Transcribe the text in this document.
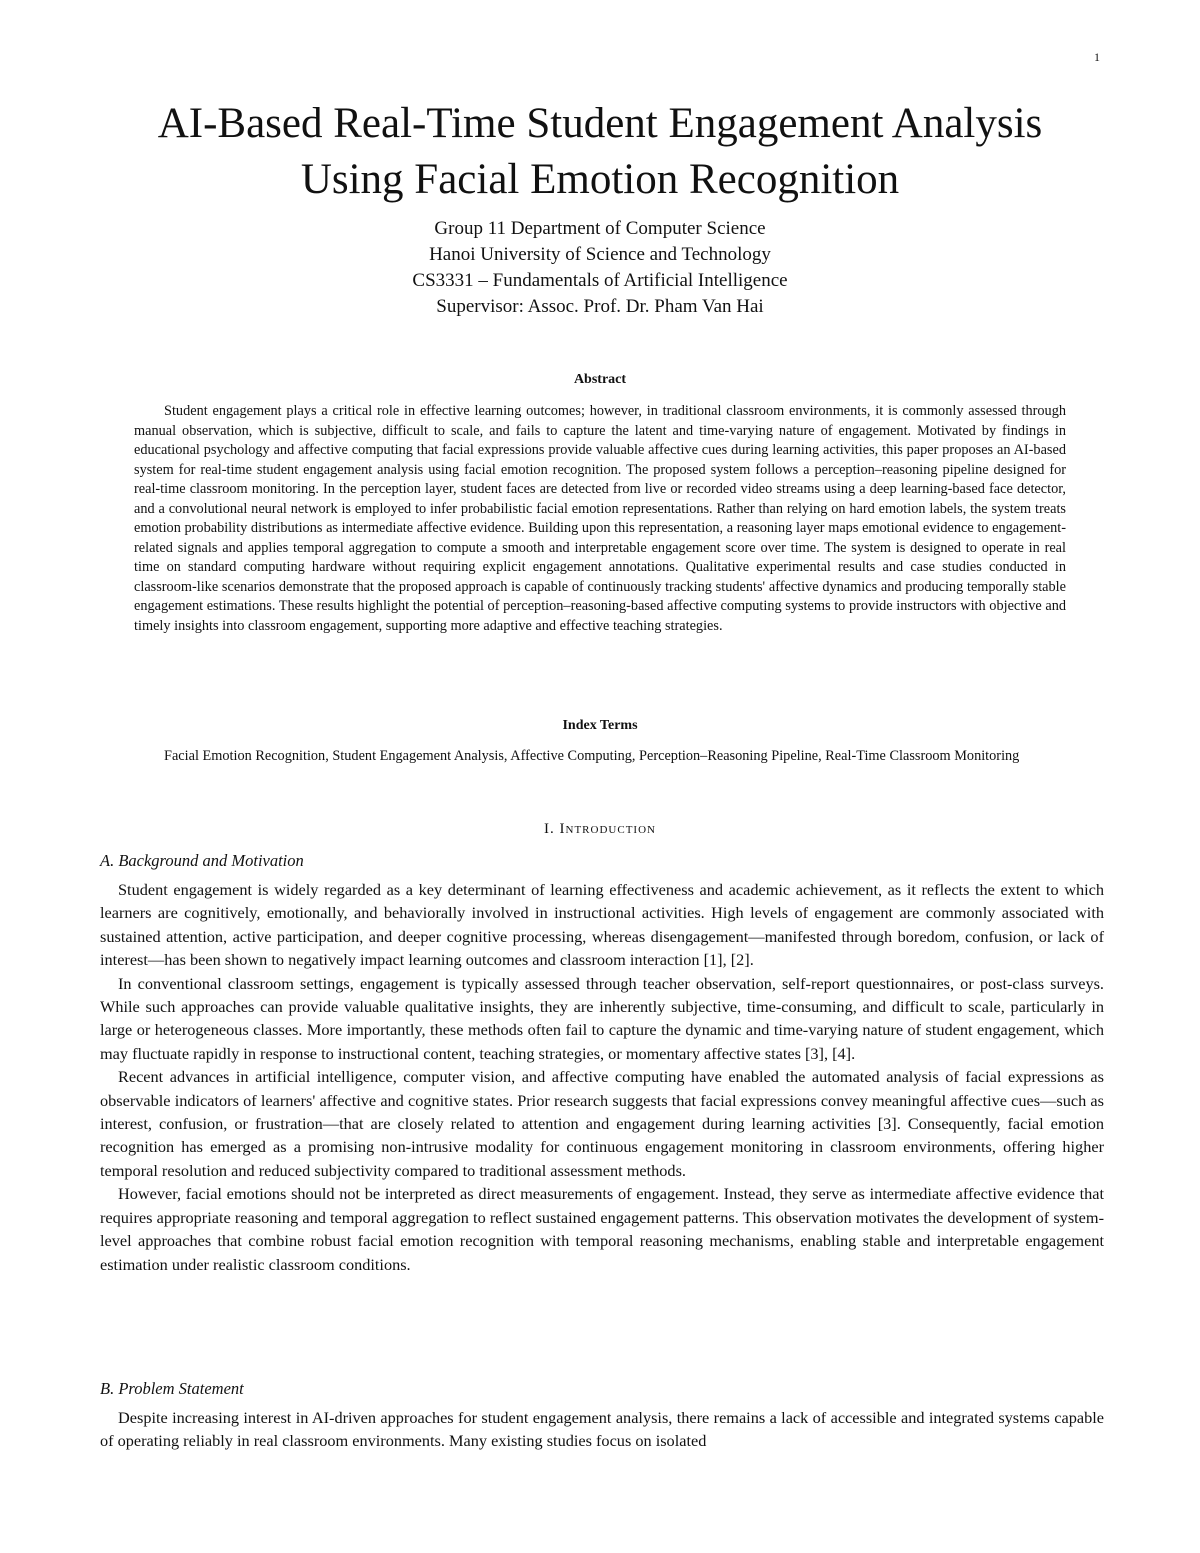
1
AI-Based Real-Time Student Engagement Analysis
Using Facial Emotion Recognition
Group 11 Department of Computer Science
Hanoi University of Science and Technology
CS3331 – Fundamentals of Artificial Intelligence
Supervisor: Assoc. Prof. Dr. Pham Van Hai
Abstract

Student engagement plays a critical role in effective learning outcomes; however, in traditional classroom environments, it is commonly assessed through manual observation, which is subjective, difficult to scale, and fails to capture the latent and time-varying nature of engagement. Motivated by findings in educational psychology and affective computing that facial expressions provide valuable affective cues during learning activities, this paper proposes an AI-based system for real-time student engagement analysis using facial emotion recognition. The proposed system follows a perception–reasoning pipeline designed for real-time classroom monitoring. In the perception layer, student faces are detected from live or recorded video streams using a deep learning-based face detector, and a convolutional neural network is employed to infer probabilistic facial emotion representations. Rather than relying on hard emotion labels, the system treats emotion probability distributions as intermediate affective evidence. Building upon this representation, a reasoning layer maps emotional evidence to engagement-related signals and applies temporal aggregation to compute a smooth and interpretable engagement score over time. The system is designed to operate in real time on standard computing hardware without requiring explicit engagement annotations. Qualitative experimental results and case studies conducted in classroom-like scenarios demonstrate that the proposed approach is capable of continuously tracking students' affective dynamics and producing temporally stable engagement estimations. These results highlight the potential of perception–reasoning-based affective computing systems to provide instructors with objective and timely insights into classroom engagement, supporting more adaptive and effective teaching strategies.

Index Terms

Facial Emotion Recognition, Student Engagement Analysis, Affective Computing, Perception–Reasoning Pipeline, Real-Time Classroom Monitoring

I. Introduction
A. Background and Motivation

Student engagement is widely regarded as a key determinant of learning effectiveness and academic achievement, as it reflects the extent to which learners are cognitively, emotionally, and behaviorally involved in instructional activities. High levels of engagement are commonly associated with sustained attention, active participation, and deeper cognitive processing, whereas disengagement—manifested through boredom, confusion, or lack of interest—has been shown to negatively impact learning outcomes and classroom interaction [1], [2].

In conventional classroom settings, engagement is typically assessed through teacher observation, self-report questionnaires, or post-class surveys. While such approaches can provide valuable qualitative insights, they are inherently subjective, time-consuming, and difficult to scale, particularly in large or heterogeneous classes. More importantly, these methods often fail to capture the dynamic and time-varying nature of student engagement, which may fluctuate rapidly in response to instructional content, teaching strategies, or momentary affective states [3], [4].

Recent advances in artificial intelligence, computer vision, and affective computing have enabled the automated analysis of facial expressions as observable indicators of learners' affective and cognitive states. Prior research suggests that facial expressions convey meaningful affective cues—such as interest, confusion, or frustration—that are closely related to attention and engagement during learning activities [3]. Consequently, facial emotion recognition has emerged as a promising non-intrusive modality for continuous engagement monitoring in classroom environments, offering higher temporal resolution and reduced subjectivity compared to traditional assessment methods.

However, facial emotions should not be interpreted as direct measurements of engagement. Instead, they serve as intermediate affective evidence that requires appropriate reasoning and temporal aggregation to reflect sustained engagement patterns. This observation motivates the development of system-level approaches that combine robust facial emotion recognition with temporal reasoning mechanisms, enabling stable and interpretable engagement estimation under realistic classroom conditions.

B. Problem Statement

Despite increasing interest in AI-driven approaches for student engagement analysis, there remains a lack of accessible and integrated systems capable of operating reliably in real classroom environments. Many existing studies focus on isolated
